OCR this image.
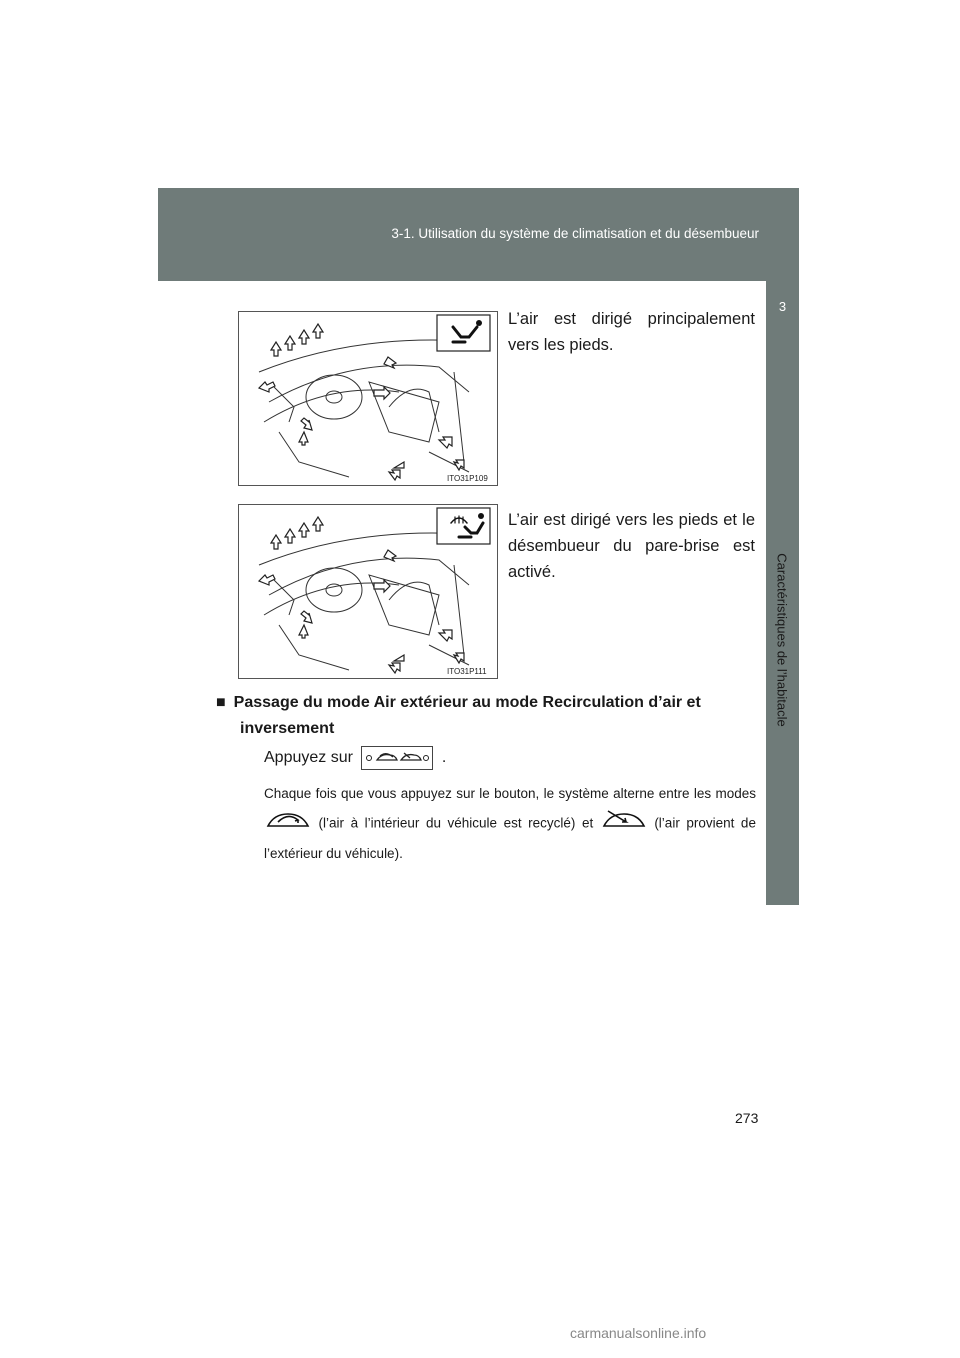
3-1. Utilisation du système de climatisation et du désembueur
3
Caractéristiques de l’habitacle
ITO31P109
L’air est dirigé principalement vers les pieds.
ITO31P111
L’air est dirigé vers les pieds et le désembueur du pare-brise est activé.
■ Passage du mode Air extérieur au mode Recirculation d’air et inversement
Appuyez sur	.
Chaque fois que vous appuyez sur le bouton, le système alterne entre les modes  (l’air à l’intérieur du véhicule est recyclé) et	(l’air provient de l’extérieur du véhicule).
273
carmanualsonline.info
